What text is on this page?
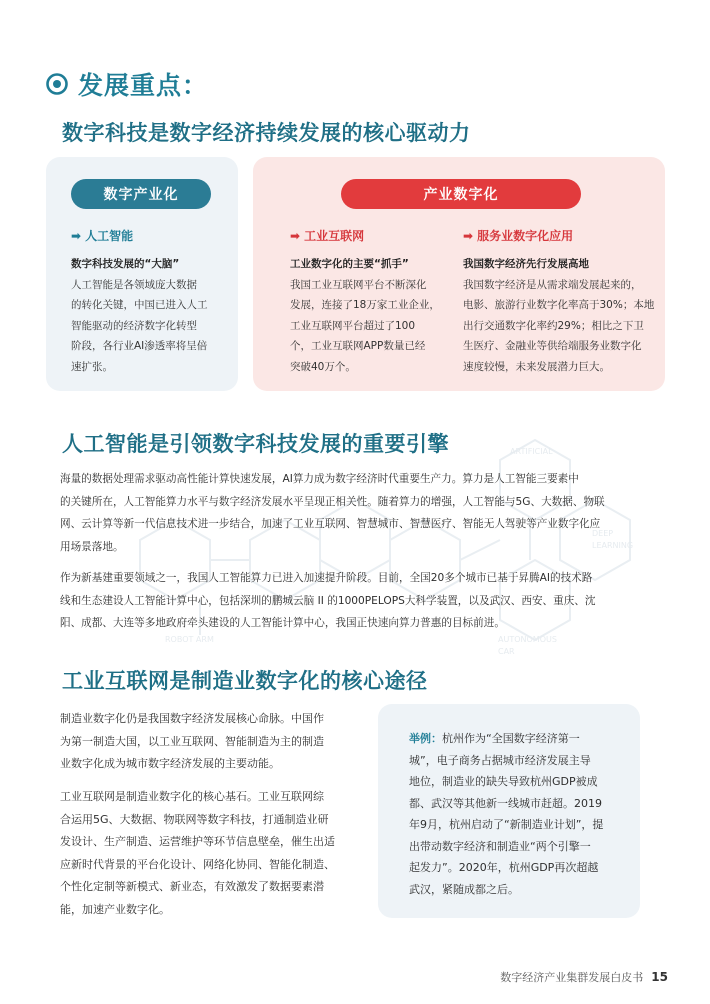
ARTIFICIAL
DEEP
LEARNING
ROBOT ARM	AUTONOMOUS
CAR
发展重点：
数字科技是数字经济持续发展的核心驱动力
数字产业化
➡ 人工智能
数字科技发展的“大脑”
人工智能是各领域庞大数据
的转化关键，中国已进入人工
智能驱动的经济数字化转型
阶段，各行业AI渗透率将呈倍
速扩张。
产业数字化
➡ 工业互联网
工业数字化的主要“抓手”
我国工业互联网平台不断深化
发展，连接了18万家工业企业，
工业互联网平台超过了100
个，工业互联网APP数量已经
突破40万个。
➡ 服务业数字化应用
我国数字经济先行发展高地
我国数字经济是从需求端发展起来的，
电影、旅游行业数字化率高于30%；本地
出行交通数字化率约29%；相比之下卫
生医疗、金融业等供给端服务业数字化
速度较慢，未来发展潜力巨大。
人工智能是引领数字科技发展的重要引擎
海量的数据处理需求驱动高性能计算快速发展，AI算力成为数字经济时代重要生产力。算力是人工智能三要素中
的关键所在，人工智能算力水平与数字经济发展水平呈现正相关性。随着算力的增强，人工智能与5G、大数据、物联
网、云计算等新一代信息技术进一步结合，加速了工业互联网、智慧城市、智慧医疗、智能无人驾驶等产业数字化应
用场景落地。
作为新基建重要领域之一，我国人工智能算力已进入加速提升阶段。目前，全国20多个城市已基于昇腾AI的技术路
线和生态建设人工智能计算中心，包括深圳的鹏城云脑 II 的1000PELOPS大科学装置，以及武汉、西安、重庆、沈
阳、成都、大连等多地政府牵头建设的人工智能计算中心，我国正快速向算力普惠的目标前进。
工业互联网是制造业数字化的核心途径
制造业数字化仍是我国数字经济发展核心命脉。中国作
为第一制造大国，以工业互联网、智能制造为主的制造
业数字化成为城市数字经济发展的主要动能。
工业互联网是制造业数字化的核心基石。工业互联网综
合运用5G、大数据、物联网等数字科技，打通制造业研
发设计、生产制造、运营维护等环节信息壁垒，催生出适
应新时代背景的平台化设计、网络化协同、智能化制造、
个性化定制等新模式、新业态，有效激发了数据要素潜
能，加速产业数字化。
举例：杭州作为“全国数字经济第一
城”，电子商务占据城市经济发展主导
地位，制造业的缺失导致杭州GDP被成
都、武汉等其他新一线城市赶超。2019
年9月，杭州启动了“新制造业计划”，提
出带动数字经济和制造业“两个引擎一
起发力”。2020年，杭州GDP再次超越
武汉，紧随成都之后。
数字经济产业集群发展白皮书 15
